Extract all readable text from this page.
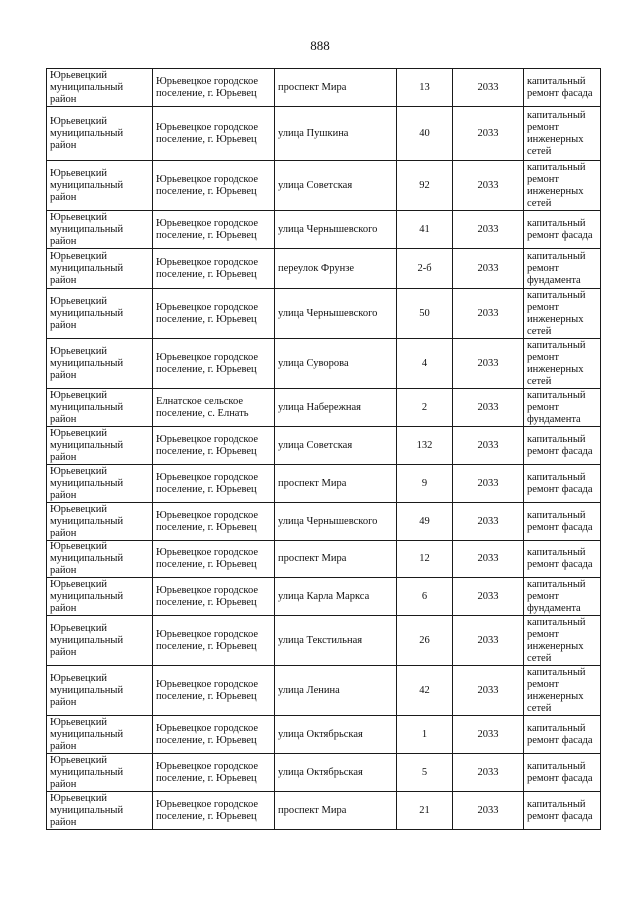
888
Юрьевецкий муниципальный район	Юрьевецкое городское поселение, г. Юрьевец	проспект Мира	13	2033	капитальный ремонт фасада
Юрьевецкий муниципальный район	Юрьевецкое городское поселение, г. Юрьевец	улица Пушкина	40	2033	капитальный ремонт инженерных сетей
Юрьевецкий муниципальный район	Юрьевецкое городское поселение, г. Юрьевец	улица Советская	92	2033	капитальный ремонт инженерных сетей
Юрьевецкий муниципальный район	Юрьевецкое городское поселение, г. Юрьевец	улица Чернышевского	41	2033	капитальный ремонт фасада
Юрьевецкий муниципальный район	Юрьевецкое городское поселение, г. Юрьевец	переулок Фрунзе	2-б	2033	капитальный ремонт фундамента
Юрьевецкий муниципальный район	Юрьевецкое городское поселение, г. Юрьевец	улица Чернышевского	50	2033	капитальный ремонт инженерных сетей
Юрьевецкий муниципальный район	Юрьевецкое городское поселение, г. Юрьевец	улица Суворова	4	2033	капитальный ремонт инженерных сетей
Юрьевецкий муниципальный район	Елнатское сельское поселение, с. Елнать	улица Набережная	2	2033	капитальный ремонт фундамента
Юрьевецкий муниципальный район	Юрьевецкое городское поселение, г. Юрьевец	улица Советская	132	2033	капитальный ремонт фасада
Юрьевецкий муниципальный район	Юрьевецкое городское поселение, г. Юрьевец	проспект Мира	9	2033	капитальный ремонт фасада
Юрьевецкий муниципальный район	Юрьевецкое городское поселение, г. Юрьевец	улица Чернышевского	49	2033	капитальный ремонт фасада
Юрьевецкий муниципальный район	Юрьевецкое городское поселение, г. Юрьевец	проспект Мира	12	2033	капитальный ремонт фасада
Юрьевецкий муниципальный район	Юрьевецкое городское поселение, г. Юрьевец	улица Карла Маркса	6	2033	капитальный ремонт фундамента
Юрьевецкий муниципальный район	Юрьевецкое городское поселение, г. Юрьевец	улица Текстильная	26	2033	капитальный ремонт инженерных сетей
Юрьевецкий муниципальный район	Юрьевецкое городское поселение, г. Юрьевец	улица Ленина	42	2033	капитальный ремонт инженерных сетей
Юрьевецкий муниципальный район	Юрьевецкое городское поселение, г. Юрьевец	улица Октябрьская	1	2033	капитальный ремонт фасада
Юрьевецкий муниципальный район	Юрьевецкое городское поселение, г. Юрьевец	улица Октябрьская	5	2033	капитальный ремонт фасада
Юрьевецкий муниципальный район	Юрьевецкое городское поселение, г. Юрьевец	проспект Мира	21	2033	капитальный ремонт фасада
